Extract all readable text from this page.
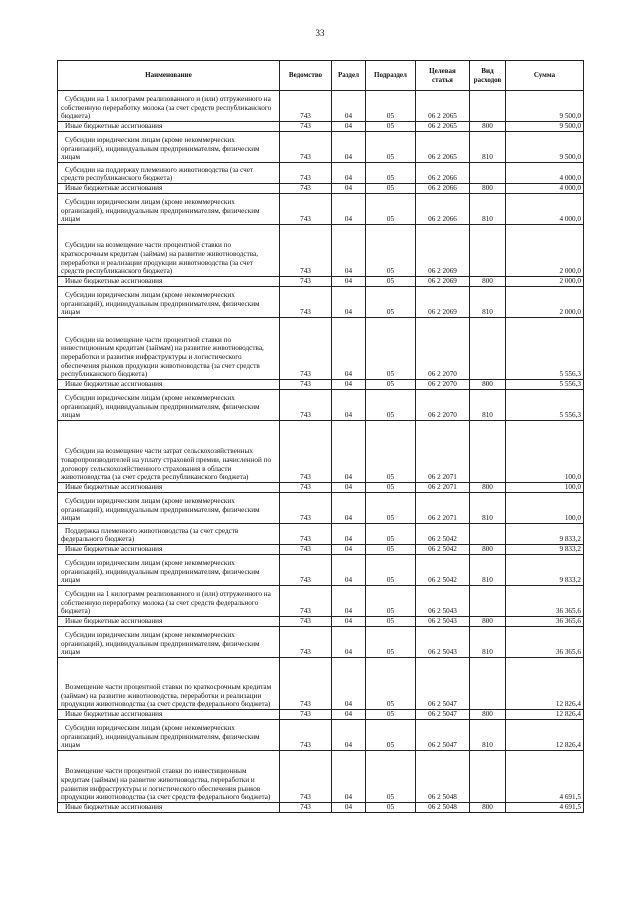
33
Наименование	Ведомство	Раздел	Подраздел	Целевая статья	Вид расходов	Сумма
Субсидии на 1 килограмм реализованного и (или) отгруженного на собственную переработку молока (за счет средств республиканского бюджета)	743	04	05	06 2 2065		9 500,0
Иные бюджетные ассигнования	743	04	05	06 2 2065	800	9 500,0
Субсидии юридическим лицам (кроме некоммерческих организаций), индивидуальным предпринимателям, физическим лицам	743	04	05	06 2 2065	810	9 500,0
Субсидии на поддержку племенного животноводства (за счет средств республиканского бюджета)	743	04	05	06 2 2066		4 000,0
Иные бюджетные ассигнования	743	04	05	06 2 2066	800	4 000,0
Субсидии юридическим лицам (кроме некоммерческих организаций), индивидуальным предпринимателям, физическим лицам	743	04	05	06 2 2066	810	4 000,0
Субсидии на возмещение части процентной ставки по краткосрочным кредитам (займам) на развитие животноводства, переработки и реализации продукции животноводства (за счет средств республиканского бюджета)	743	04	05	06 2 2069		2 000,0
Иные бюджетные ассигнования	743	04	05	06 2 2069	800	2 000,0
Субсидии юридическим лицам (кроме некоммерческих организаций), индивидуальным предпринимателям, физическим лицам	743	04	05	06 2 2069	810	2 000,0
Субсидии на возмещение части процентной ставки по инвестиционным кредитам (займам) на развитие животноводства, переработки и развития инфраструктуры и логистического обеспечения рынков продукции животноводства (за счет средств республиканского бюджета)	743	04	05	06 2 2070		5 556,3
Иные бюджетные ассигнования	743	04	05	06 2 2070	800	5 556,3
Субсидии юридическим лицам (кроме некоммерческих организаций), индивидуальным предпринимателям, физическим лицам	743	04	05	06 2 2070	810	5 556,3
Субсидии на возмещение части затрат сельскохозяйственных товаропроизводителей на уплату страховой премии, начисленной по договору сельскохозяйственного страхования в области животноводства (за счет средств республиканского бюджета)	743	04	05	06 2 2071		100,0
Иные бюджетные ассигнования	743	04	05	06 2 2071	800	100,0
Субсидии юридическим лицам (кроме некоммерческих организаций), индивидуальным предпринимателям, физическим лицам	743	04	05	06 2 2071	810	100,0
Поддержка племенного животноводства (за счет средств федерального бюджета)	743	04	05	06 2 5042		9 833,2
Иные бюджетные ассигнования	743	04	05	06 2 5042	800	9 833,2
Субсидии юридическим лицам (кроме некоммерческих организаций), индивидуальным предпринимателям, физическим лицам	743	04	05	06 2 5042	810	9 833,2
Субсидии на 1 килограмм реализованного и (или) отгруженного на собственную переработку молока (за счет средств федерального бюджета)	743	04	05	06 2 5043		36 365,6
Иные бюджетные ассигнования	743	04	05	06 2 5043	800	36 365,6
Субсидии юридическим лицам (кроме некоммерческих организаций), индивидуальным предпринимателям, физическим лицам	743	04	05	06 2 5043	810	36 365,6
Возмещение части процентной ставки по краткосрочным кредитам (займам) на развитие животноводства, переработки и реализации продукции животноводства (за счет средств федерального бюджета)	743	04	05	06 2 5047		12 826,4
Иные бюджетные ассигнования	743	04	05	06 2 5047	800	12 826,4
Субсидии юридическим лицам (кроме некоммерческих организаций), индивидуальным предпринимателям, физическим лицам	743	04	05	06 2 5047	810	12 826,4
Возмещение части процентной ставки по инвестиционным кредитам (займам) на развитие животноводства, переработки и развития инфраструктуры и логистического обеспечения рынков продукции животноводства (за счет средств федерального бюджета)	743	04	05	06 2 5048		4 691,5
Иные бюджетные ассигнования	743	04	05	06 2 5048	800	4 691,5
